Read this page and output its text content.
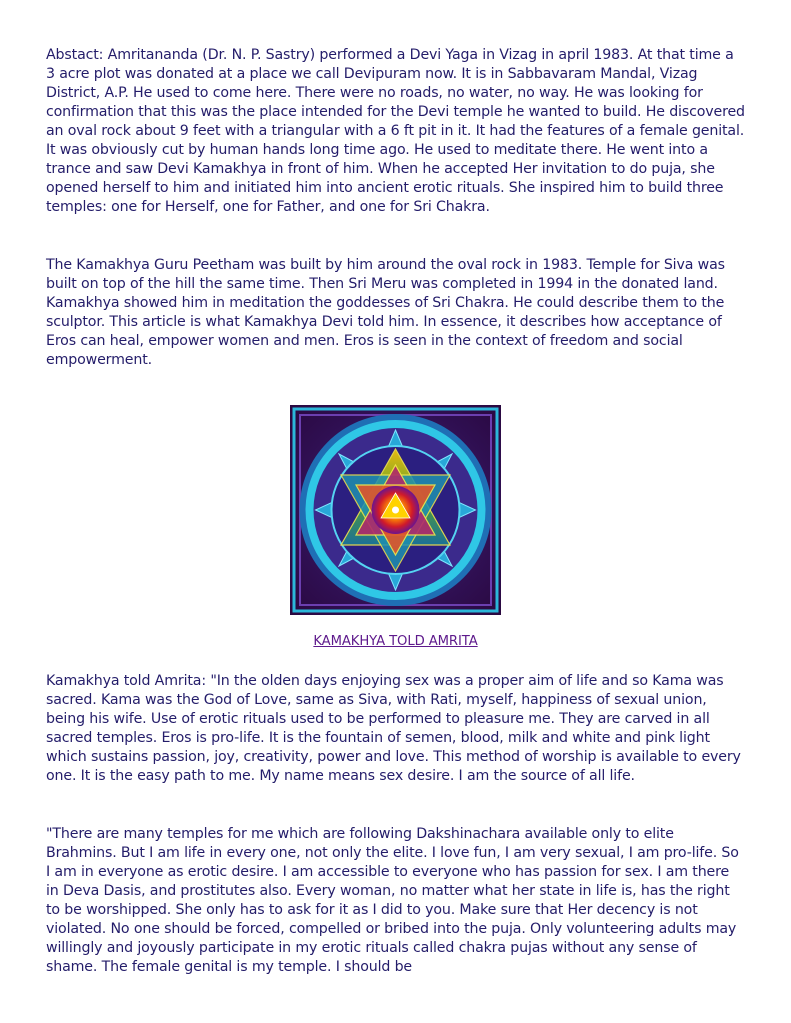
Abstact: Amritananda (Dr. N. P. Sastry) performed a Devi Yaga in Vizag in april 1983. At that time a 3 acre plot was donated at a place we call Devipuram now. It is in Sabbavaram Mandal, Vizag District, A.P. He used to come here. There were no roads, no water, no way. He was looking for confirmation that this was the place intended for the Devi temple he wanted to build. He discovered an oval rock about 9 feet with a triangular with a 6 ft pit in it. It had the features of a female genital. It was obviously cut by human hands long time ago. He used to meditate there. He went into a trance and saw Devi Kamakhya in front of him. When he accepted Her invitation to do puja, she opened herself to him and initiated him into ancient erotic rituals. She inspired him to build three temples: one for Herself, one for Father, and one for Sri Chakra.

The Kamakhya Guru Peetham was built by him around the oval rock in 1983. Temple for Siva was built on top of the hill the same time. Then Sri Meru was completed in 1994 in the donated land. Kamakhya showed him in meditation the goddesses of Sri Chakra. He could describe them to the sculptor. This article is what Kamakhya Devi told him. In essence, it describes how acceptance of Eros can heal, empower women and men. Eros is seen in the context of freedom and social empowerment.

KAMAKHYA TOLD AMRITA

Kamakhya told Amrita: "In the olden days enjoying sex was a proper aim of life and so Kama was sacred. Kama was the God of Love, same as Siva, with Rati, myself, happiness of sexual union, being his wife. Use of erotic rituals used to be performed to pleasure me. They are carved in all sacred temples. Eros is pro-life. It is the fountain of semen, blood, milk and white and pink light which sustains passion, joy, creativity, power and love. This method of worship is available to every one. It is the easy path to me. My name means sex desire. I am the source of all life.

"There are many temples for me which are following Dakshinachara available only to elite Brahmins. But I am life in every one, not only the elite. I love fun, I am very sexual, I am pro-life. So I am in everyone as erotic desire. I am accessible to everyone who has passion for sex. I am there in Deva Dasis, and prostitutes also. Every woman, no matter what her state in life is, has the right to be worshipped. She only has to ask for it as I did to you. Make sure that Her decency is not violated. No one should be forced, compelled or bribed into the puja. Only volunteering adults may willingly and joyously participate in my erotic rituals called chakra pujas without any sense of shame. The female genital is my temple. I should be
